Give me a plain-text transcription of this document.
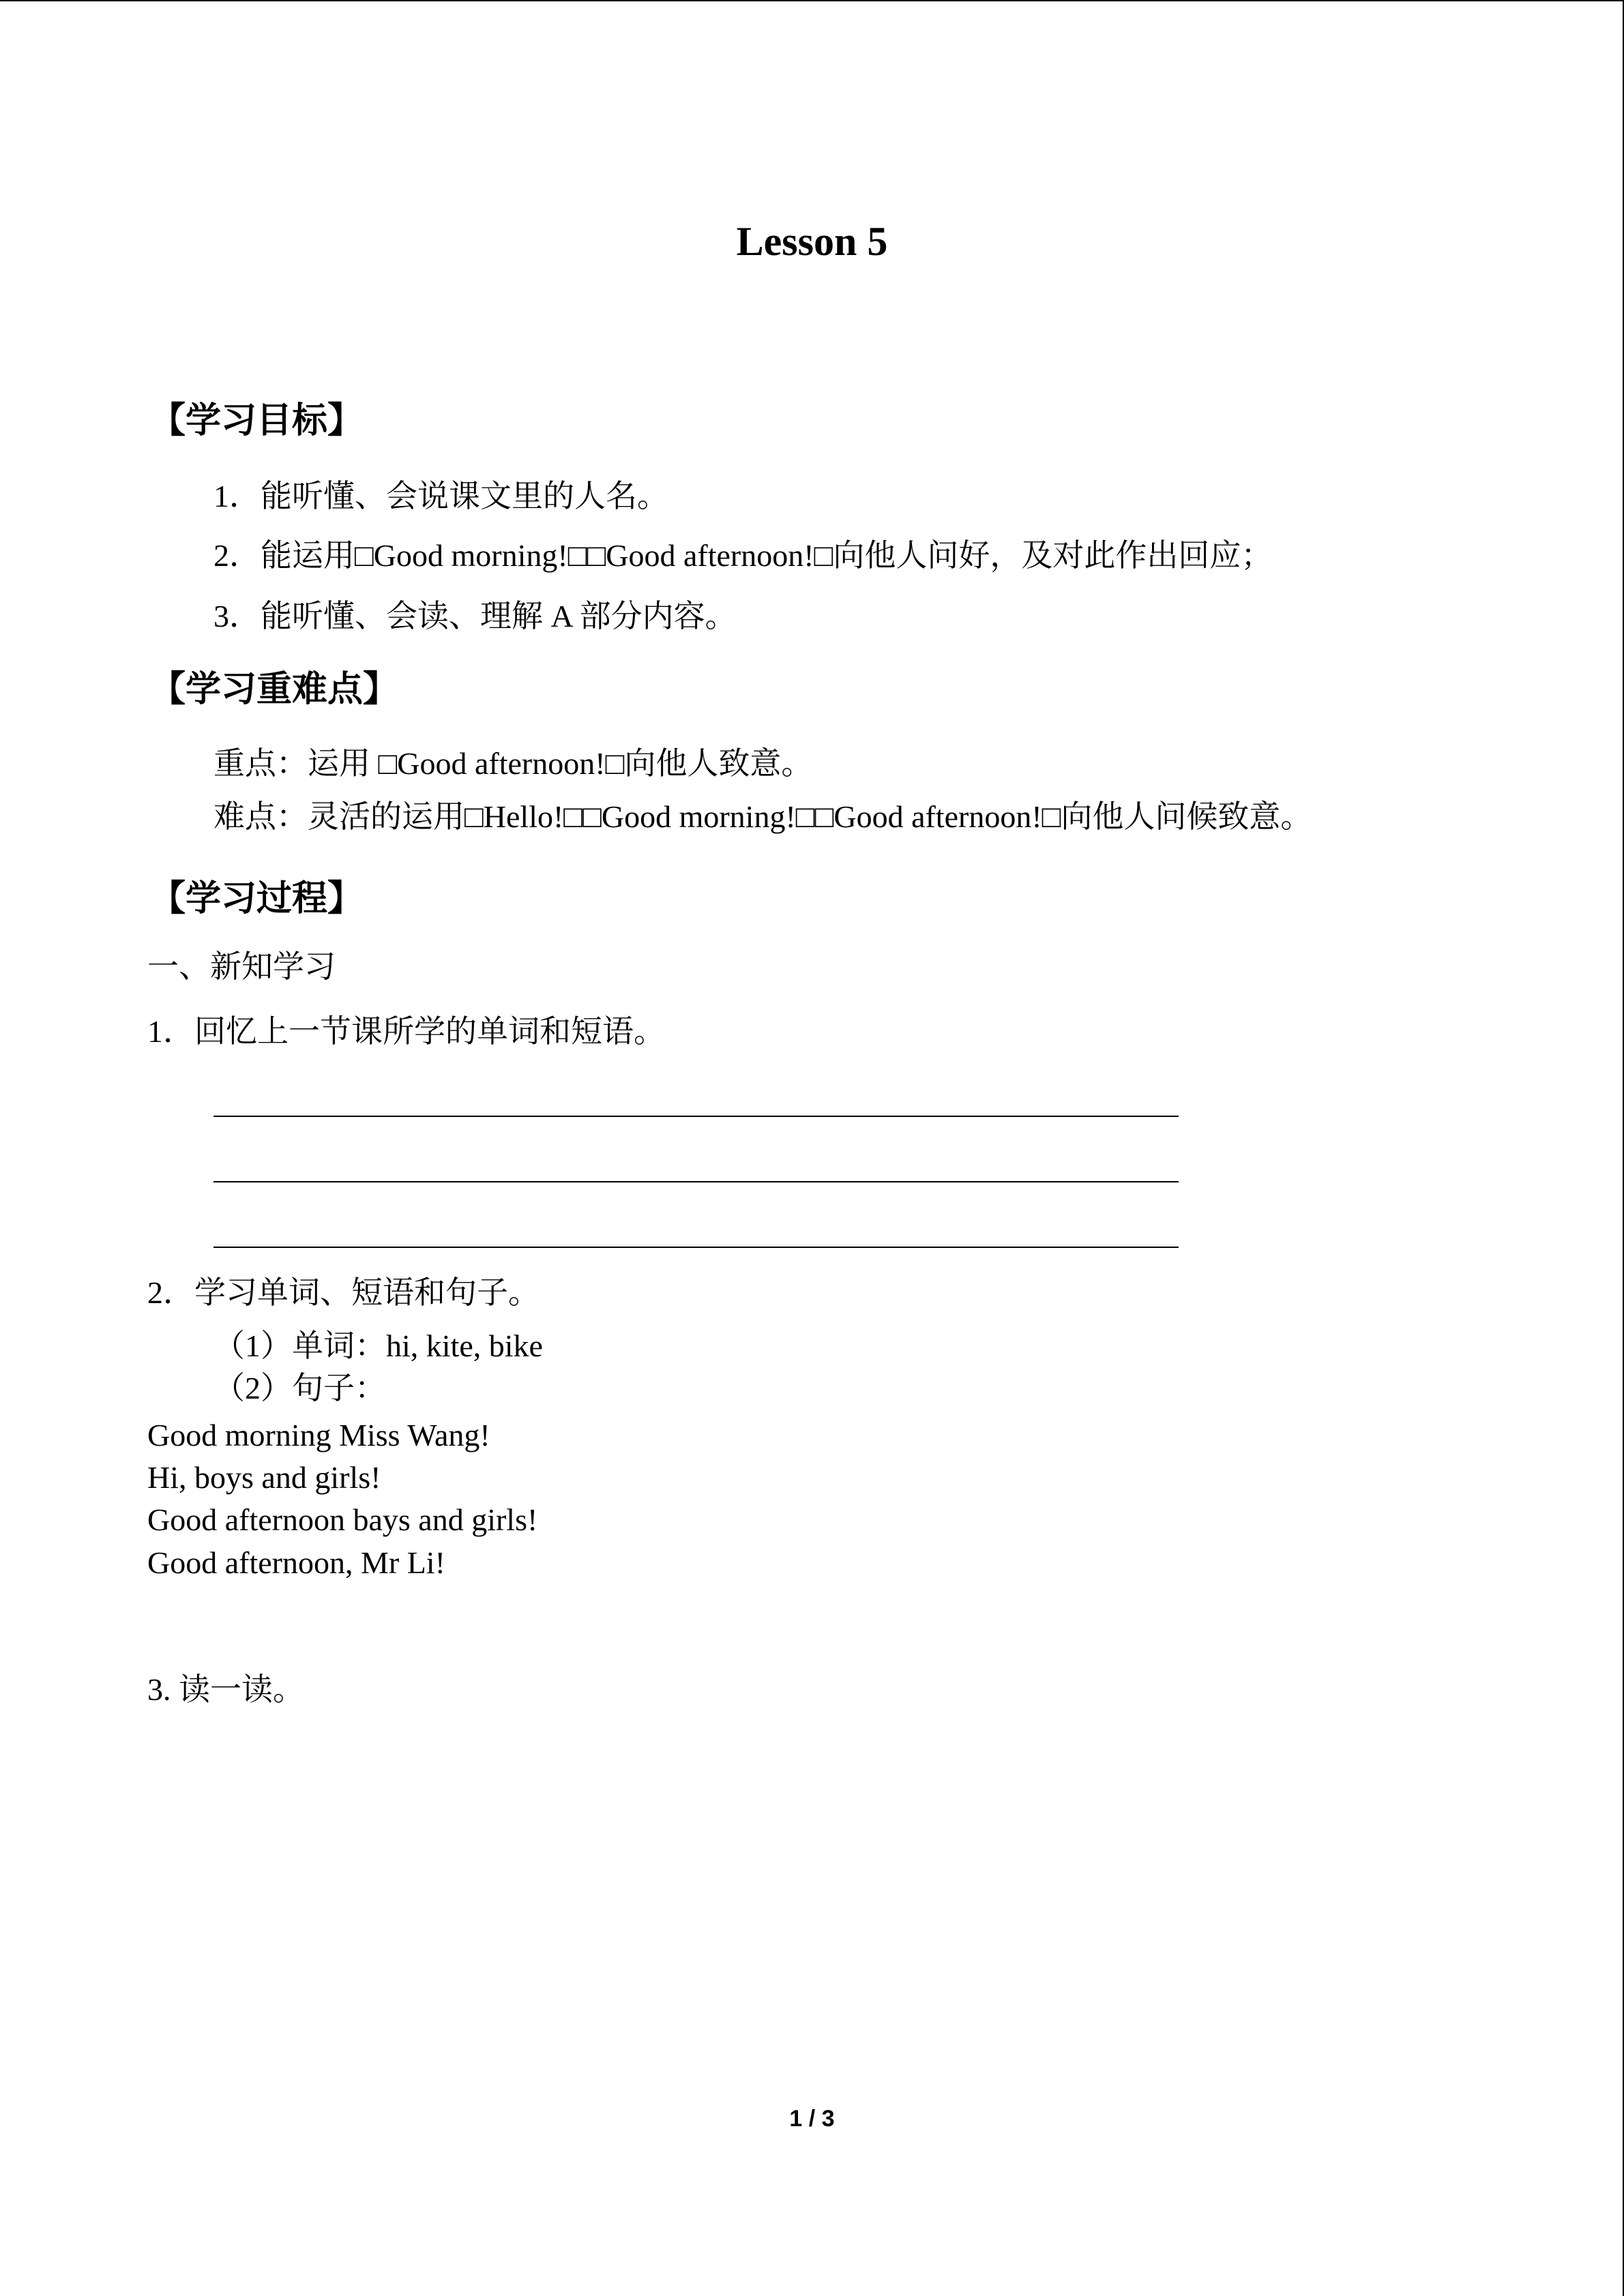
Lesson 5
【学习目标】
1．能听懂、会说课文里的人名。
2．能运用□Good morning!□□Good afternoon!□向他人问好，及对此作出回应；
3．能听懂、会读、理解 A 部分内容。
【学习重难点】
重点：运用 □Good afternoon!□向他人致意。
难点：灵活的运用□Hello!□□Good morning!□□Good afternoon!□向他人问候致意。
【学习过程】
一、新知学习
1．回忆上一节课所学的单词和短语。
2．学习单词、短语和句子。
（1）单词：hi, kite, bike
（2）句子：
Good morning Miss Wang!
Hi, boys and girls!
Good afternoon bays and girls!
Good afternoon, Mr Li!
3. 读一读。
1 / 3
